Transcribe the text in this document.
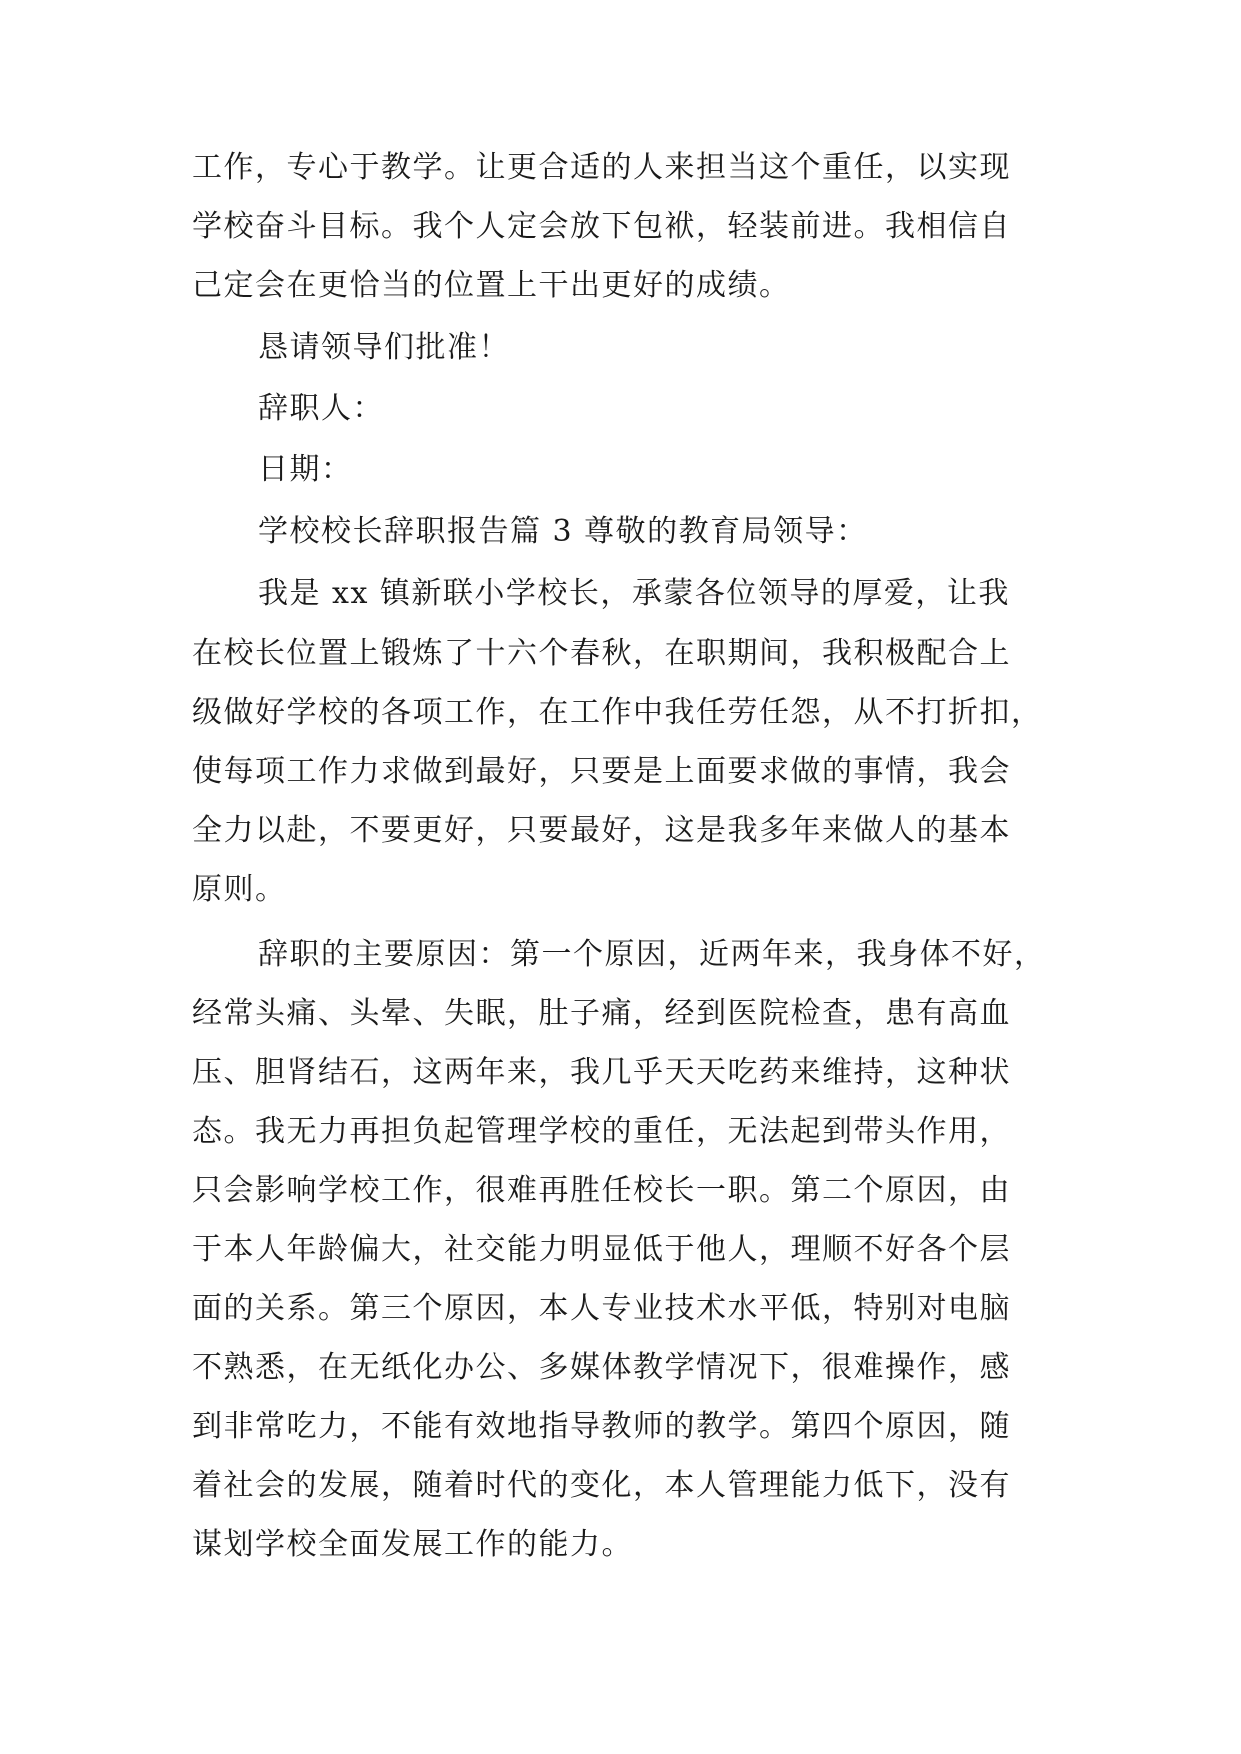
工作，专心于教学。让更合适的人来担当这个重任，以实现
学校奋斗目标。我个人定会放下包袱，轻装前进。我相信自
己定会在更恰当的位置上干出更好的成绩。
恳请领导们批准！
辞职人：
日期：
学校校长辞职报告篇 3 尊敬的教育局领导：
我是 xx 镇新联小学校长，承蒙各位领导的厚爱，让我
在校长位置上锻炼了十六个春秋，在职期间，我积极配合上
级做好学校的各项工作，在工作中我任劳任怨，从不打折扣，
使每项工作力求做到最好，只要是上面要求做的事情，我会
全力以赴，不要更好，只要最好，这是我多年来做人的基本
原则。
辞职的主要原因：第一个原因，近两年来，我身体不好，
经常头痛、头晕、失眠，肚子痛，经到医院检查，患有高血
压、胆肾结石，这两年来，我几乎天天吃药来维持，这种状
态。我无力再担负起管理学校的重任，无法起到带头作用，
只会影响学校工作，很难再胜任校长一职。第二个原因，由
于本人年龄偏大，社交能力明显低于他人，理顺不好各个层
面的关系。第三个原因，本人专业技术水平低，特别对电脑
不熟悉，在无纸化办公、多媒体教学情况下，很难操作，感
到非常吃力，不能有效地指导教师的教学。第四个原因，随
着社会的发展，随着时代的变化，本人管理能力低下，没有
谋划学校全面发展工作的能力。
